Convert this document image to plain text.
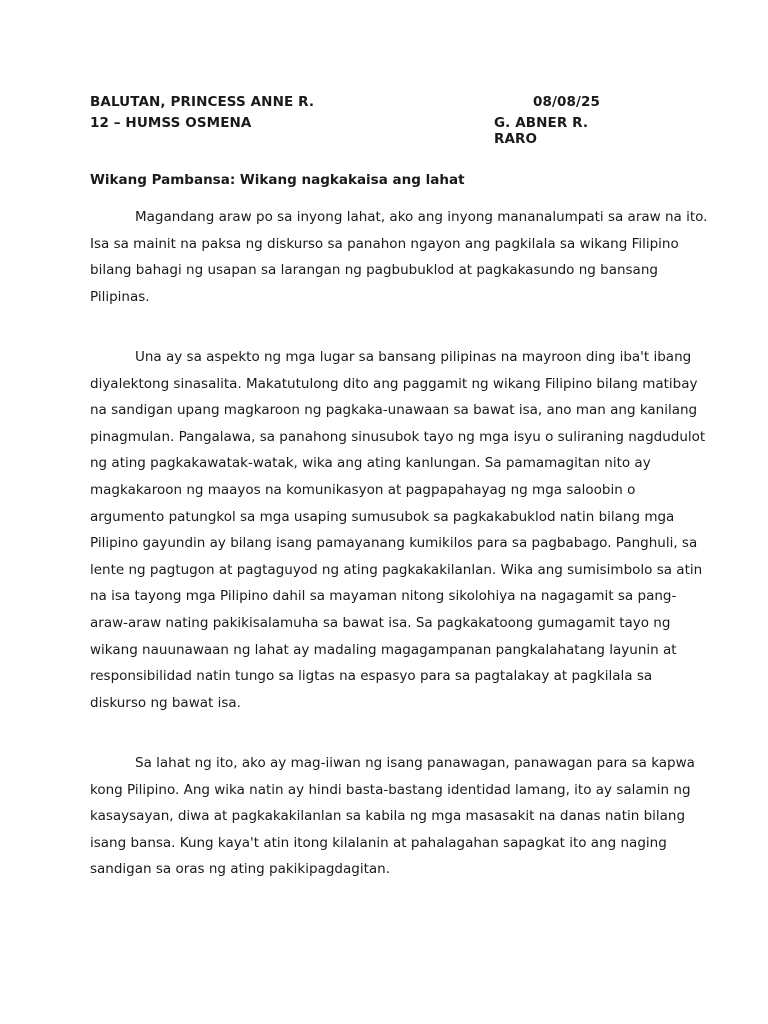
BALUTAN, PRINCESS ANNE R.	08/08/25
12 – HUMSS OSMENA	G. ABNER R. RARO
Wikang Pambansa: Wikang nagkakaisa ang lahat

Magandang araw po sa inyong lahat, ako ang inyong mananalumpati sa araw na ito.
Isa sa mainit na paksa ng diskurso sa panahon ngayon ang pagkilala sa wikang Filipino
bilang bahagi ng usapan sa larangan ng pagbubuklod at pagkakasundo ng bansang
Pilipinas.

Una ay sa aspekto ng mga lugar sa bansang pilipinas na mayroon ding iba't ibang
diyalektong sinasalita. Makatutulong dito ang paggamit ng wikang Filipino bilang matibay
na sandigan upang magkaroon ng pagkaka-unawaan sa bawat isa, ano man ang kanilang
pinagmulan. Pangalawa, sa panahong sinusubok tayo ng mga isyu o suliraning nagdudulot
ng ating pagkakawatak-watak, wika ang ating kanlungan. Sa pamamagitan nito ay
magkakaroon ng maayos na komunikasyon at pagpapahayag ng mga saloobin o
argumento patungkol sa mga usaping sumusubok sa pagkakabuklod natin bilang mga
Pilipino gayundin ay bilang isang pamayanang kumikilos para sa pagbabago. Panghuli, sa
lente ng pagtugon at pagtaguyod ng ating pagkakakilanlan. Wika ang sumisimbolo sa atin
na isa tayong mga Pilipino dahil sa mayaman nitong sikolohiya na nagagamit sa pang-
araw-araw nating pakikisalamuha sa bawat isa. Sa pagkakatoong gumagamit tayo ng
wikang nauunawaan ng lahat ay madaling magagampanan pangkalahatang layunin at
responsibilidad natin tungo sa ligtas na espasyo para sa pagtalakay at pagkilala sa
diskurso ng bawat isa.

Sa lahat ng ito, ako ay mag-iiwan ng isang panawagan, panawagan para sa kapwa
kong Pilipino. Ang wika natin ay hindi basta-bastang identidad lamang, ito ay salamin ng
kasaysayan, diwa at pagkakakilanlan sa kabila ng mga masasakit na danas natin bilang
isang bansa. Kung kaya't atin itong kilalanin at pahalagahan sapagkat ito ang naging
sandigan sa oras ng ating pakikipagdagitan.
